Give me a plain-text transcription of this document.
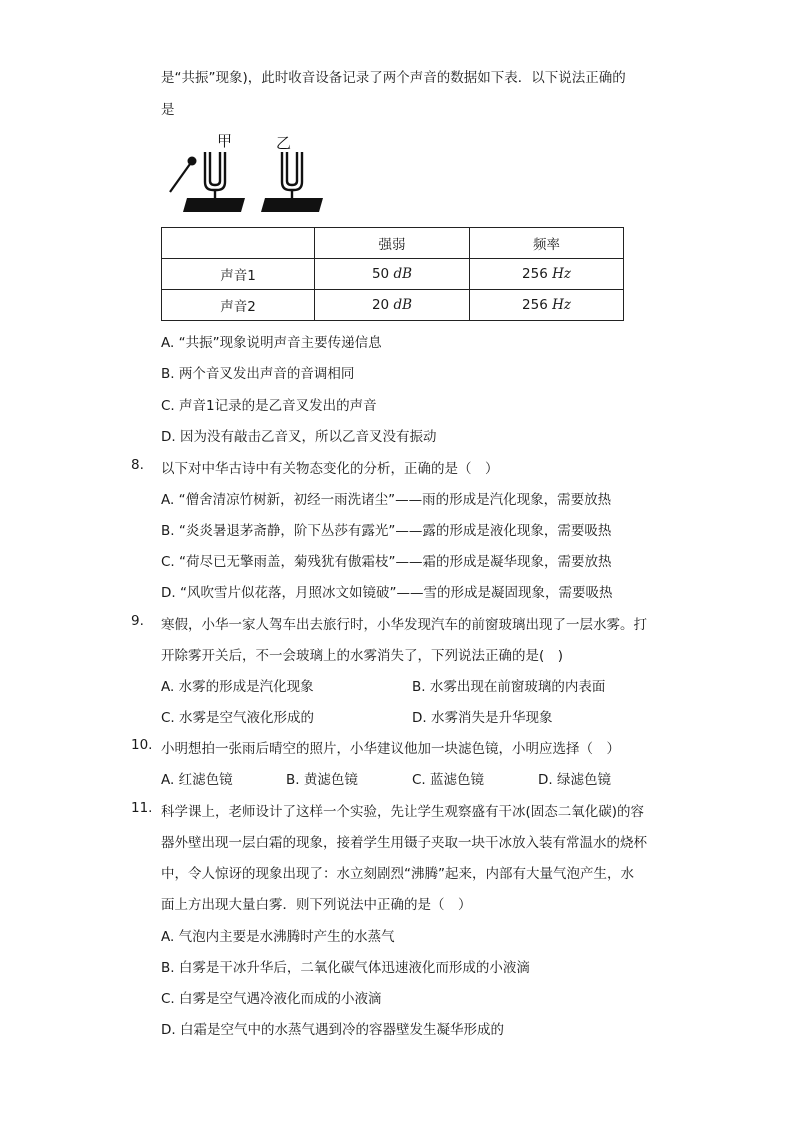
是“共振”现象)，此时收音设备记录了两个声音的数据如下表．以下说法正确的
是
甲	乙
	强弱	频率
声音1	50 dB	256 Hz
声音2	20 dB	256 Hz
A. “共振”现象说明声音主要传递信息
B. 两个音叉发出声音的音调相同
C. 声音1记录的是乙音叉发出的声音
D. 因为没有敲击乙音叉，所以乙音叉没有振动
8. 以下对中华古诗中有关物态变化的分析，正确的是（　）
A. “僧舍清凉竹树新，初经一雨洗诸尘”——雨的形成是汽化现象，需要放热
B. “炎炎暑退茅斋静，阶下丛莎有露光”——露的形成是液化现象，需要吸热
C. “荷尽已无擎雨盖，菊残犹有傲霜枝”——霜的形成是凝华现象，需要放热
D. “风吹雪片似花落，月照冰文如镜破”——雪的形成是凝固现象，需要吸热
9. 寒假，小华一家人驾车出去旅行时，小华发现汽车的前窗玻璃出现了一层水雾。打
开除雾开关后，不一会玻璃上的水雾消失了，下列说法正确的是(　)
A. 水雾的形成是汽化现象	B. 水雾出现在前窗玻璃的内表面
C. 水雾是空气液化形成的	D. 水雾消失是升华现象
10. 小明想拍一张雨后晴空的照片，小华建议他加一块滤色镜，小明应选择（　）
A. 红滤色镜	B. 黄滤色镜	C. 蓝滤色镜	D. 绿滤色镜
11. 科学课上，老师设计了这样一个实验，先让学生观察盛有干冰(固态二氧化碳)的容
器外壁出现一层白霜的现象，接着学生用镊子夹取一块干冰放入装有常温水的烧杯
中，令人惊讶的现象出现了：水立刻剧烈“沸腾”起来，内部有大量气泡产生，水
面上方出现大量白雾．则下列说法中正确的是（　）
A. 气泡内主要是水沸腾时产生的水蒸气
B. 白雾是干冰升华后，二氧化碳气体迅速液化而形成的小液滴
C. 白雾是空气遇冷液化而成的小液滴
D. 白霜是空气中的水蒸气遇到冷的容器壁发生凝华形成的
